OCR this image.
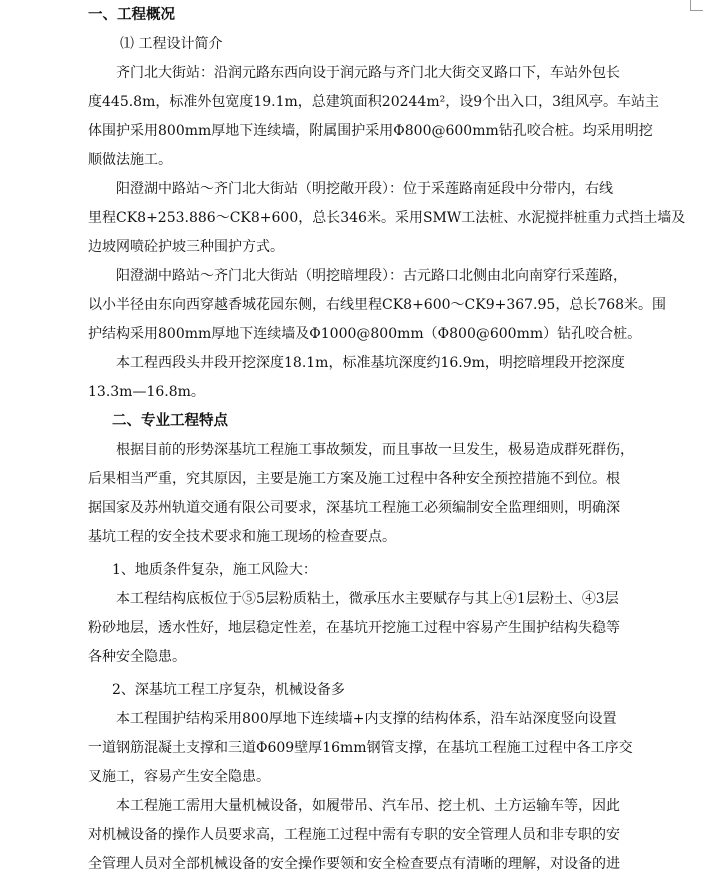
一、工程概况
⑴ 工程设计简介
齐门北大街站：沿润元路东西向设于润元路与齐门北大街交叉路口下，车站外包长
度445.8m，标准外包宽度19.1m，总建筑面积20244m²，设9个出入口，3组风亭。车站主
体围护采用800mm厚地下连续墙，附属围护采用Φ800@600mm钻孔咬合桩。均采用明挖
顺做法施工。
阳澄湖中路站～齐门北大街站（明挖敞开段）：位于采莲路南延段中分带内，右线
里程CK8+253.886～CK8+600，总长346米。采用SMW工法桩、水泥搅拌桩重力式挡土墙及
边坡网喷砼护坡三种围护方式。
阳澄湖中路站～齐门北大街站（明挖暗埋段）：古元路口北侧由北向南穿行采莲路，
以小半径由东向西穿越香城花园东侧，右线里程CK8+600～CK9+367.95，总长768米。围
护结构采用800mm厚地下连续墙及Φ1000@800mm（Φ800@600mm）钻孔咬合桩。
本工程西段头井段开挖深度18.1m，标准基坑深度约16.9m，明挖暗埋段开挖深度
13.3m—16.8m。
二、专业工程特点
根据目前的形势深基坑工程施工事故频发，而且事故一旦发生，极易造成群死群伤，
后果相当严重，究其原因，主要是施工方案及施工过程中各种安全预控措施不到位。根
据国家及苏州轨道交通有限公司要求，深基坑工程施工必须编制安全监理细则，明确深
基坑工程的安全技术要求和施工现场的检查要点。
1、地质条件复杂，施工风险大：
本工程结构底板位于⑤5层粉质粘土，微承压水主要赋存与其上④1层粉土、④3层
粉砂地层，透水性好，地层稳定性差，在基坑开挖施工过程中容易产生围护结构失稳等
各种安全隐患。
2、深基坑工程工序复杂，机械设备多
本工程围护结构采用800厚地下连续墙+内支撑的结构体系，沿车站深度竖向设置
一道钢筋混凝土支撑和三道Φ609壁厚16mm钢管支撑，在基坑工程施工过程中各工序交
叉施工，容易产生安全隐患。
本工程施工需用大量机械设备，如履带吊、汽车吊、挖土机、土方运输车等，因此
对机械设备的操作人员要求高，工程施工过程中需有专职的安全管理人员和非专职的安
全管理人员对全部机械设备的安全操作要领和安全检查要点有清晰的理解，对设备的进
